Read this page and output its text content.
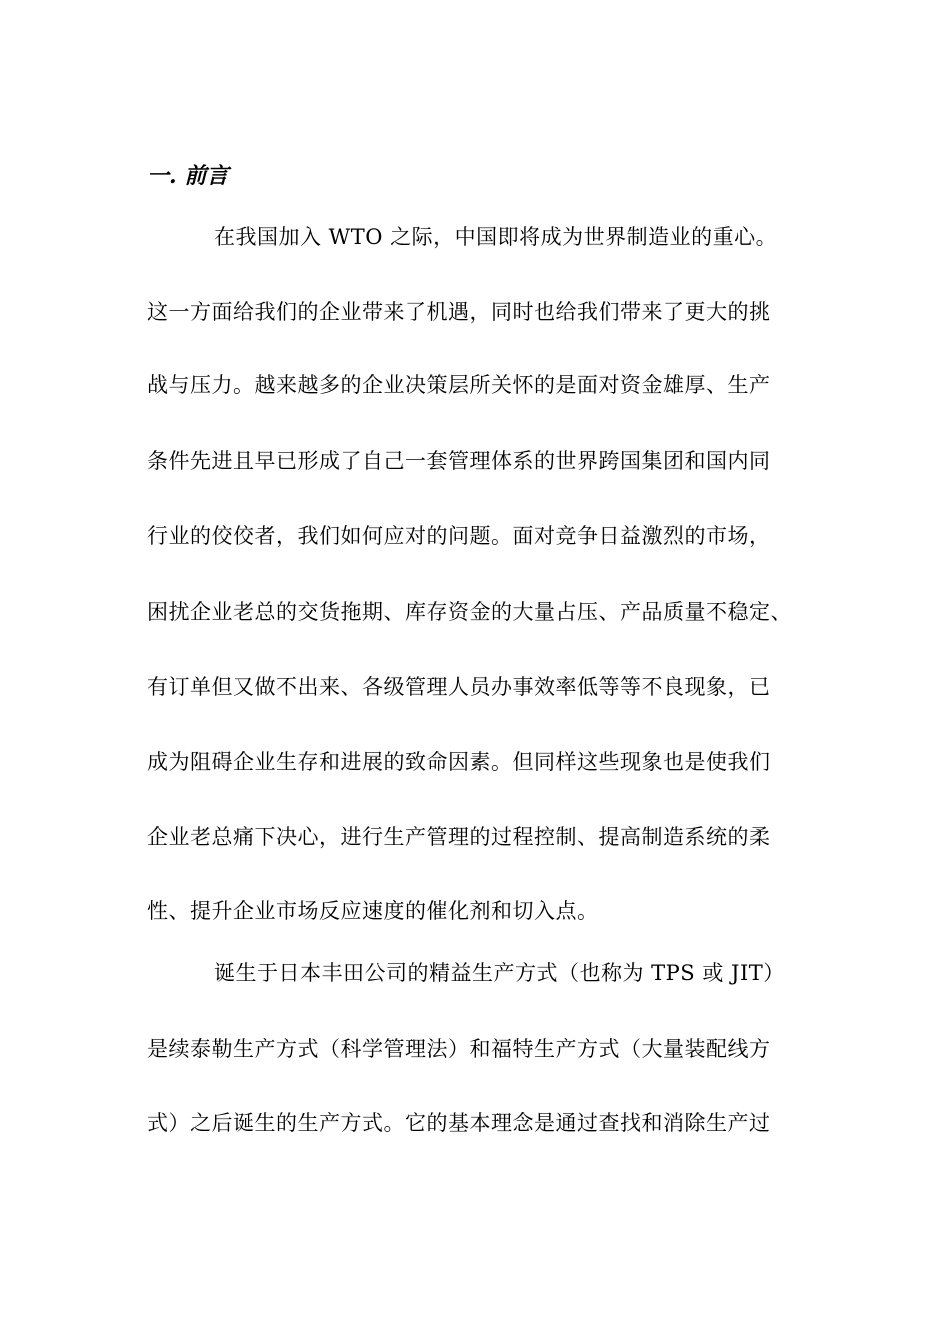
一. 前言

在我国加入 WTO 之际，中国即将成为世界制造业的重心。

这一方面给我们的企业带来了机遇，同时也给我们带来了更大的挑

战与压力。越来越多的企业决策层所关怀的是面对资金雄厚、生产

条件先进且早已形成了自己一套管理体系的世界跨国集团和国内同

行业的佼佼者，我们如何应对的问题。面对竞争日益激烈的市场，

困扰企业老总的交货拖期、库存资金的大量占压、产品质量不稳定、

有订单但又做不出来、各级管理人员办事效率低等等不良现象，已

成为阻碍企业生存和进展的致命因素。但同样这些现象也是使我们

企业老总痛下决心，进行生产管理的过程控制、提高制造系统的柔

性、提升企业市场反应速度的催化剂和切入点。

诞生于日本丰田公司的精益生产方式（也称为 TPS 或 JIT）

是续泰勒生产方式（科学管理法）和福特生产方式（大量装配线方

式）之后诞生的生产方式。它的基本理念是通过查找和消除生产过
